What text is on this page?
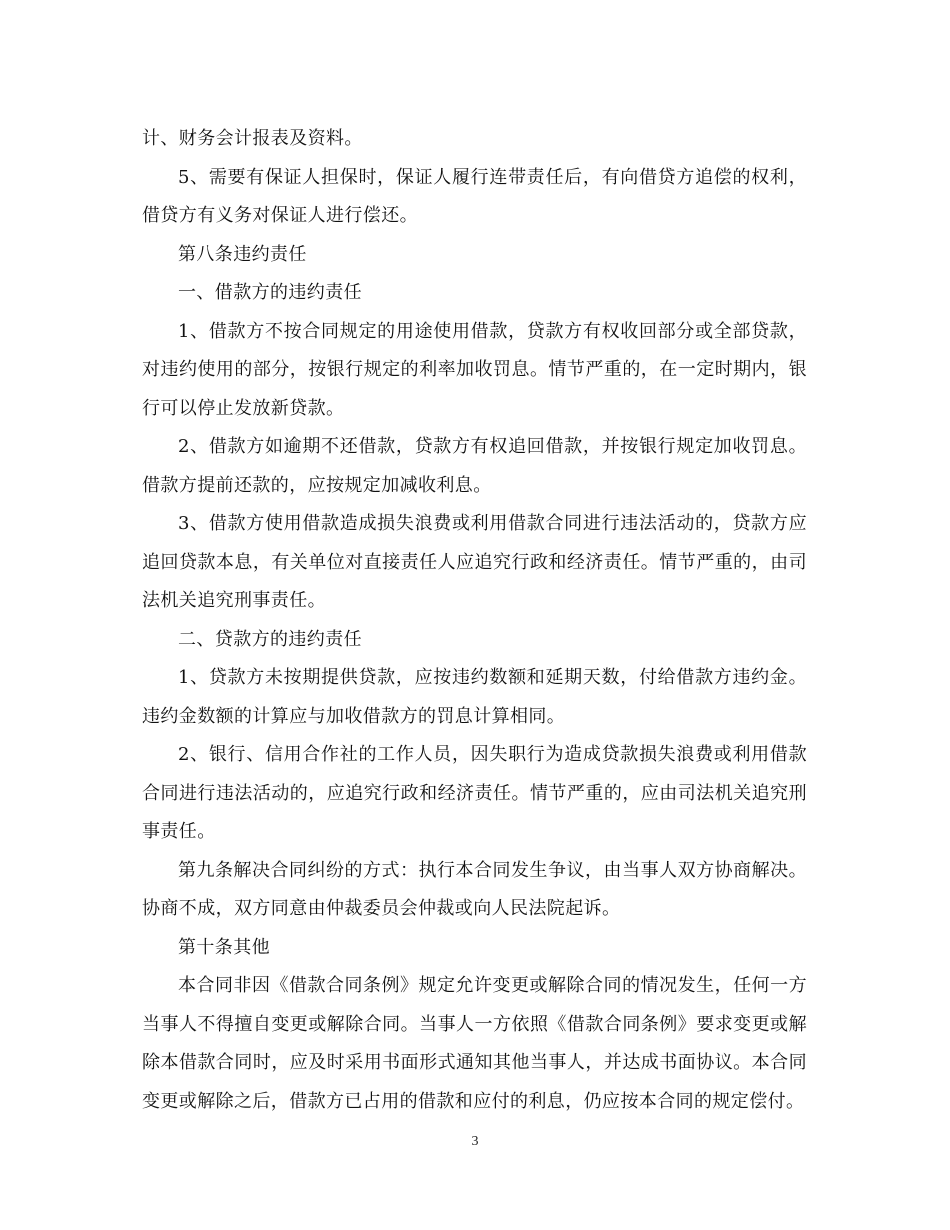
计、财务会计报表及资料。

5、需要有保证人担保时，保证人履行连带责任后，有向借贷方追偿的权利，借贷方有义务对保证人进行偿还。

第八条违约责任

一、借款方的违约责任

1、借款方不按合同规定的用途使用借款，贷款方有权收回部分或全部贷款，对违约使用的部分，按银行规定的利率加收罚息。情节严重的，在一定时期内，银行可以停止发放新贷款。

2、借款方如逾期不还借款，贷款方有权追回借款，并按银行规定加收罚息。借款方提前还款的，应按规定加减收利息。

3、借款方使用借款造成损失浪费或利用借款合同进行违法活动的，贷款方应追回贷款本息，有关单位对直接责任人应追究行政和经济责任。情节严重的，由司法机关追究刑事责任。

二、贷款方的违约责任

1、贷款方未按期提供贷款，应按违约数额和延期天数，付给借款方违约金。违约金数额的计算应与加收借款方的罚息计算相同。

2、银行、信用合作社的工作人员，因失职行为造成贷款损失浪费或利用借款合同进行违法活动的，应追究行政和经济责任。情节严重的，应由司法机关追究刑事责任。

第九条解决合同纠纷的方式：执行本合同发生争议，由当事人双方协商解决。协商不成，双方同意由仲裁委员会仲裁或向人民法院起诉。

第十条其他

本合同非因《借款合同条例》规定允许变更或解除合同的情况发生，任何一方当事人不得擅自变更或解除合同。当事人一方依照《借款合同条例》要求变更或解除本借款合同时，应及时采用书面形式通知其他当事人，并达成书面协议。本合同变更或解除之后，借款方已占用的借款和应付的利息，仍应按本合同的规定偿付。

3
